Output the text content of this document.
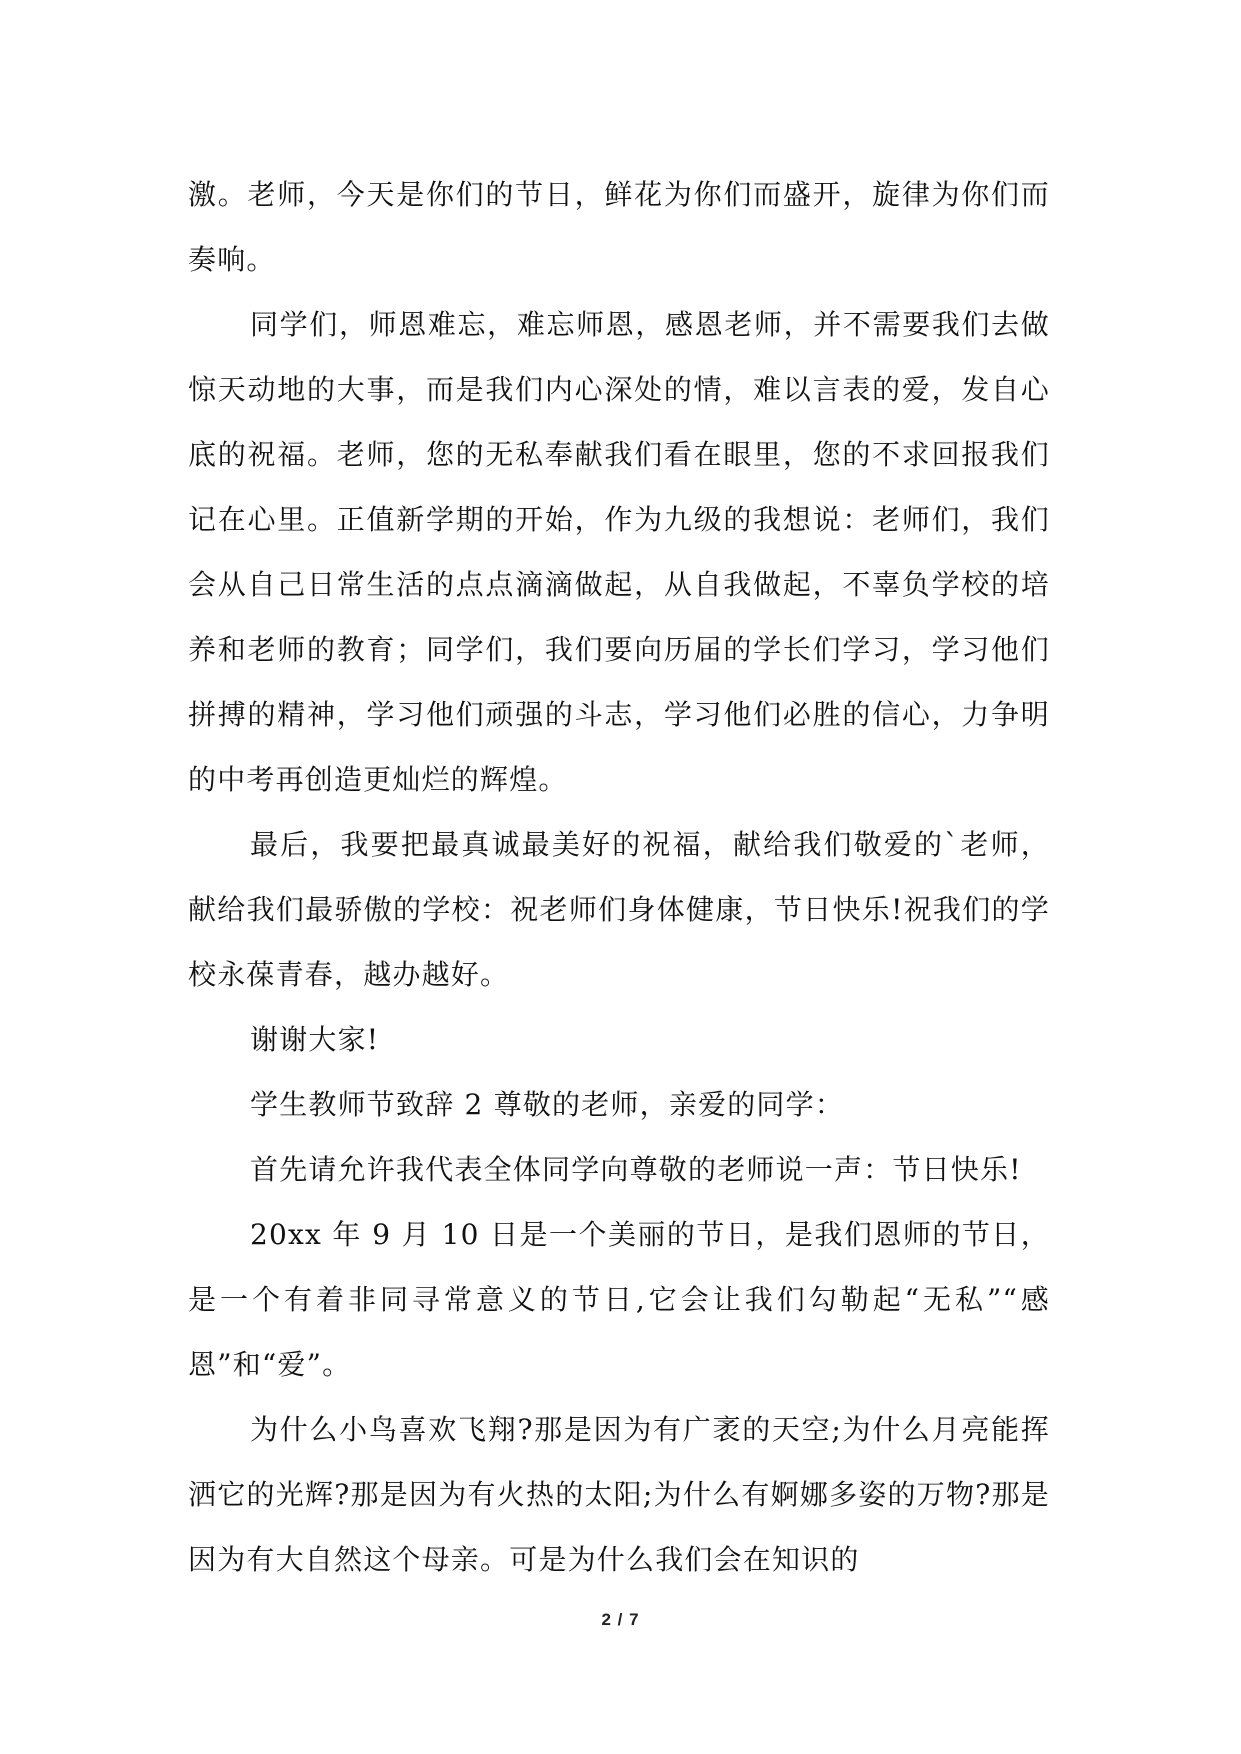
激。老师，今天是你们的节日，鲜花为你们而盛开，旋律为你们而奏响。

同学们，师恩难忘，难忘师恩，感恩老师，并不需要我们去做惊天动地的大事，而是我们内心深处的情，难以言表的爱，发自心底的祝福。老师，您的无私奉献我们看在眼里，您的不求回报我们记在心里。正值新学期的开始，作为九级的我想说：老师们，我们会从自己日常生活的点点滴滴做起，从自我做起，不辜负学校的培养和老师的教育；同学们，我们要向历届的学长们学习，学习他们拼搏的精神，学习他们顽强的斗志，学习他们必胜的信心，力争明的中考再创造更灿烂的辉煌。

最后，我要把最真诚最美好的祝福，献给我们敬爱的`老师，献给我们最骄傲的学校：祝老师们身体健康，节日快乐!祝我们的学校永葆青春，越办越好。

谢谢大家!

学生教师节致辞 2 尊敬的老师，亲爱的同学：

首先请允许我代表全体同学向尊敬的老师说一声：节日快乐!

20xx 年 9 月 10 日是一个美丽的节日，是我们恩师的节日，是一个有着非同寻常意义的节日,它会让我们勾勒起“无私”“感恩”和“爱”。

为什么小鸟喜欢飞翔?那是因为有广袤的天空;为什么月亮能挥洒它的光辉?那是因为有火热的太阳;为什么有婀娜多姿的万物?那是因为有大自然这个母亲。可是为什么我们会在知识的

2 / 7
